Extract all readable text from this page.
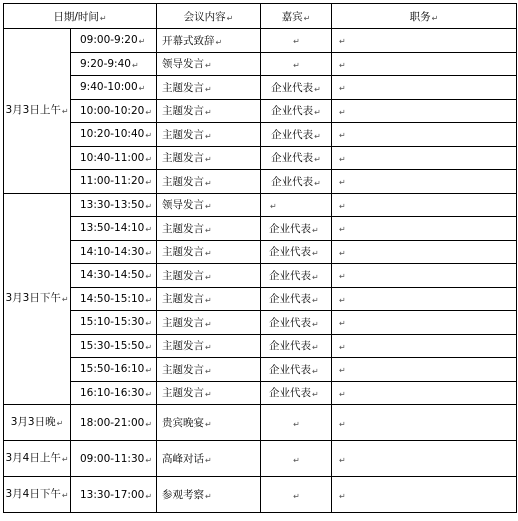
日期/时间↵		会议内容↵	嘉宾↵	职务↵
3月3日上午↵	09:00-9:20↵	开幕式致辞↵	↵	↵
	9:20-9:40↵	领导发言↵	↵	↵
	9:40-10:00↵	主题发言↵	企业代表↵	↵
	10:00-10:20↵	主题发言↵	企业代表↵	↵
	10:20-10:40↵	主题发言↵	企业代表↵	↵
	10:40-11:00↵	主题发言↵	企业代表↵	↵
	11:00-11:20↵	主题发言↵	企业代表↵	↵
3月3日下午↵	13:30-13:50↵	领导发言↵	↵	↵
	13:50-14:10↵	主题发言↵	企业代表↵	↵
	14:10-14:30↵	主题发言↵	企业代表↵	↵
	14:30-14:50↵	主题发言↵	企业代表↵	↵
	14:50-15:10↵	主题发言↵	企业代表↵	↵
	15:10-15:30↵	主题发言↵	企业代表↵	↵
	15:30-15:50↵	主题发言↵	企业代表↵	↵
	15:50-16:10↵	主题发言↵	企业代表↵	↵
	16:10-16:30↵	主题发言↵	企业代表↵	↵
3月3日晚↵	18:00-21:00↵	贵宾晚宴↵	↵	↵
3月4日上午↵	09:00-11:30↵	高峰对话↵	↵	↵
3月4日下午↵	13:30-17:00↵	参观考察↵	↵	↵
